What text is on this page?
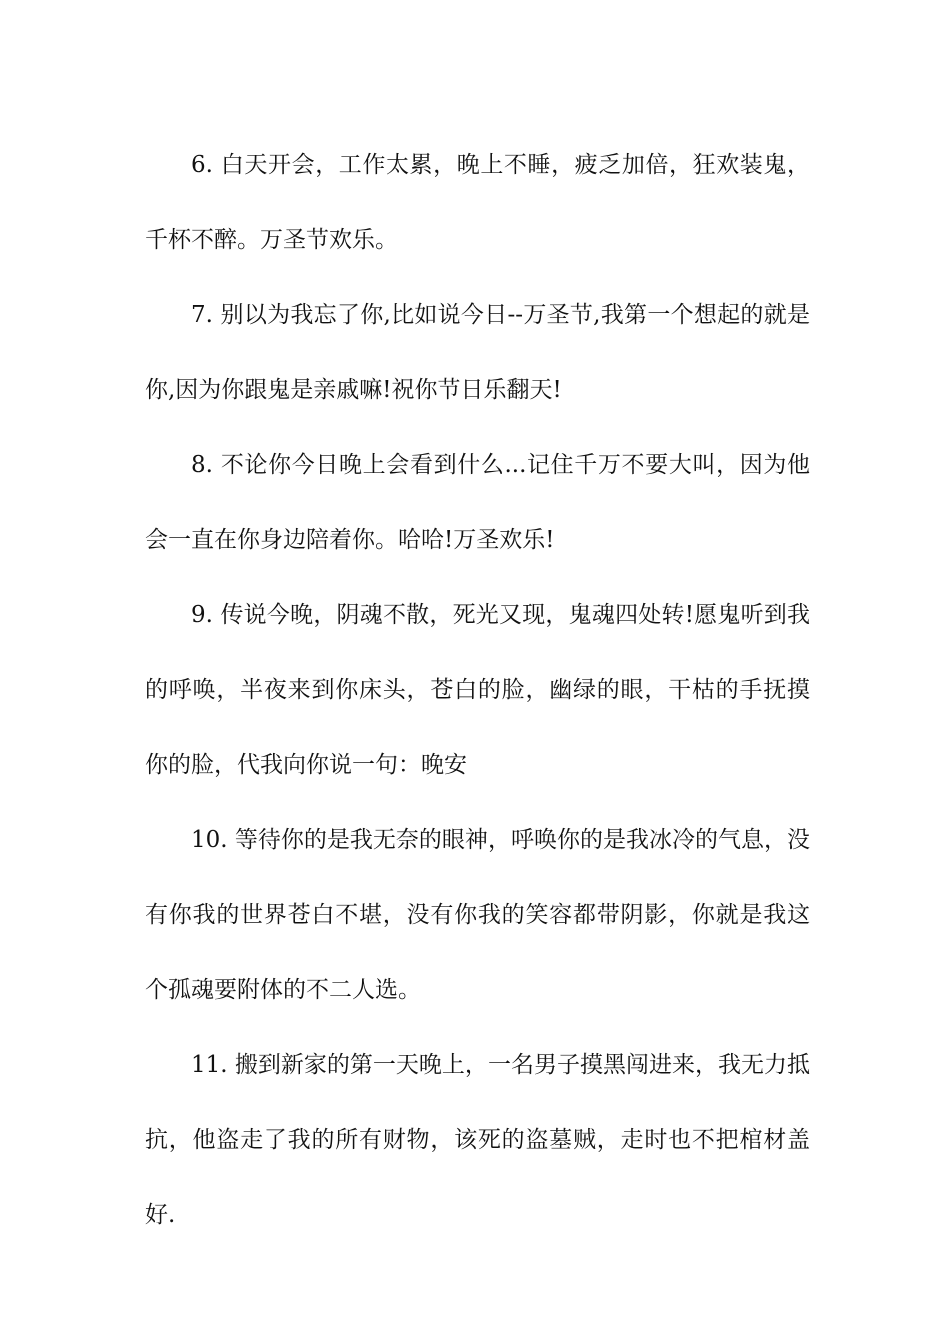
6. 白天开会，工作太累，晚上不睡，疲乏加倍，狂欢装鬼，千杯不醉。万圣节欢乐。

7. 别以为我忘了你,比如说今日--万圣节,我第一个想起的就是你,因为你跟鬼是亲戚嘛!祝你节日乐翻天!

8. 不论你今日晚上会看到什么...记住千万不要大叫，因为他会一直在你身边陪着你。哈哈!万圣欢乐!

9. 传说今晚，阴魂不散，死光又现，鬼魂四处转!愿鬼听到我的呼唤，半夜来到你床头，苍白的脸，幽绿的眼，干枯的手抚摸你的脸，代我向你说一句：晚安

10. 等待你的是我无奈的眼神，呼唤你的是我冰冷的气息，没有你我的世界苍白不堪，没有你我的笑容都带阴影，你就是我这个孤魂要附体的不二人选。

11. 搬到新家的第一天晚上，一名男子摸黑闯进来，我无力抵抗，他盗走了我的所有财物，该死的盗墓贼，走时也不把棺材盖好.
